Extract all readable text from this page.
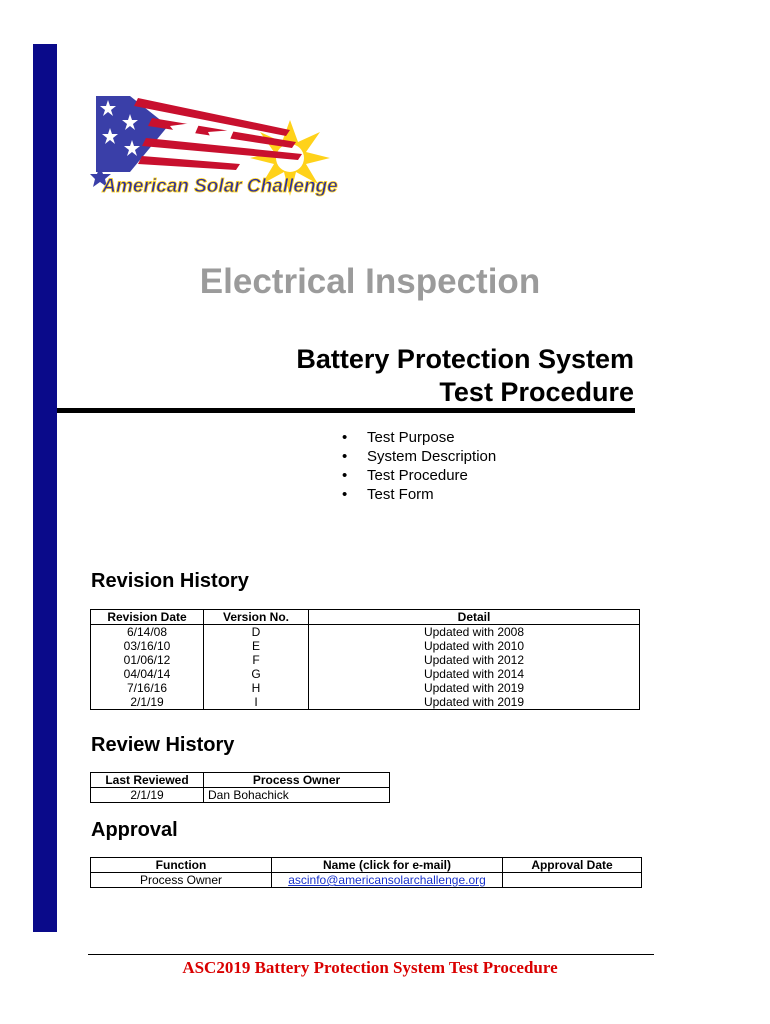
American Solar Challenge
Electrical Inspection
Battery Protection System
Test Procedure
• Test Purpose
• System Description
• Test Procedure
• Test Form
Revision History
Revision Date	Version No.	Detail
6/14/08	D	Updated with 2008
03/16/10	E	Updated with 2010
01/06/12	F	Updated with 2012
04/04/14	G	Updated with 2014
7/16/16	H	Updated with 2019
2/1/19	I	Updated with 2019
Review History
Last Reviewed	Process Owner
2/1/19	Dan Bohachick
Approval
Function	Name (click for e-mail)	Approval Date
Process Owner	ascinfo@americansolarchallenge.org	

ASC2019 Battery Protection System Test Procedure
